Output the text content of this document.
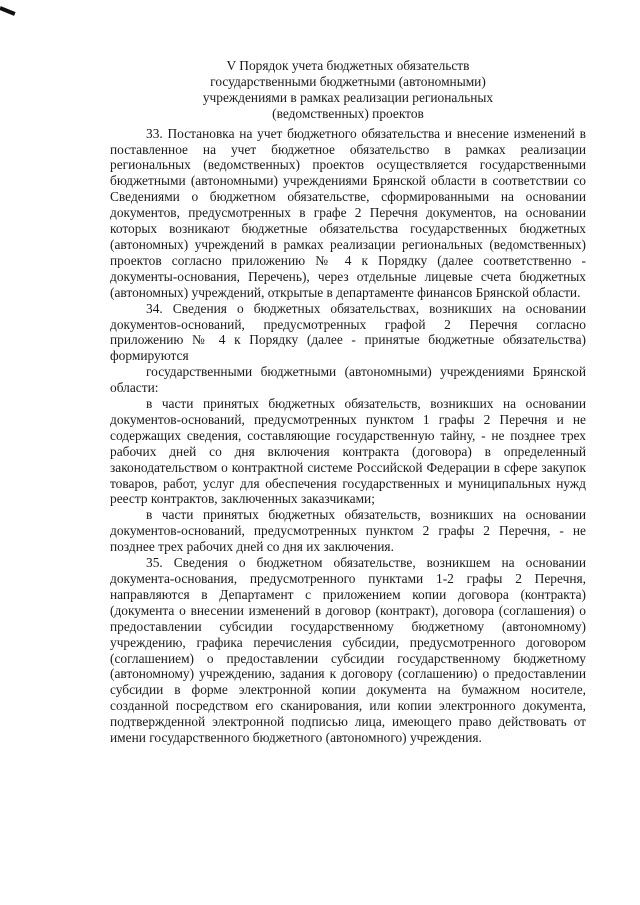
V Порядок учета бюджетных обязательств
государственными бюджетными (автономными)
учреждениями в рамках реализации региональных
(ведомственных) проектов

33. Постановка на учет бюджетного обязательства и внесение изменений в поставленное на учет бюджетное обязательство в рамках реализации региональных (ведомственных) проектов осуществляется государственными бюджетными (автономными) учреждениями Брянской области в соответствии со Сведениями о бюджетном обязательстве, сформированными на основании документов, предусмотренных в графе 2 Перечня документов, на основании которых возникают бюджетные обязательства государственных бюджетных (автономных) учреждений в рамках реализации региональных (ведомственных) проектов согласно приложению № 4 к Порядку (далее соответственно - документы-основания, Перечень), через отдельные лицевые счета бюджетных (автономных) учреждений, открытые в департаменте финансов Брянской области.

34. Сведения о бюджетных обязательствах, возникших на основании документов-оснований, предусмотренных графой 2 Перечня согласно приложению № 4 к Порядку (далее - принятые бюджетные обязательства) формируются

государственными бюджетными (автономными) учреждениями Брянской области:

в части принятых бюджетных обязательств, возникших на основании документов-оснований, предусмотренных пунктом 1 графы 2 Перечня и не содержащих сведения, составляющие государственную тайну, - не позднее трех рабочих дней со дня включения контракта (договора) в определенный законодательством о контрактной системе Российской Федерации в сфере закупок товаров, работ, услуг для обеспечения государственных и муниципальных нужд реестр контрактов, заключенных заказчиками;

в части принятых бюджетных обязательств, возникших на основании документов-оснований, предусмотренных пунктом 2 графы 2 Перечня, - не позднее трех рабочих дней со дня их заключения.

35. Сведения о бюджетном обязательстве, возникшем на основании документа-основания, предусмотренного пунктами 1-2 графы 2 Перечня, направляются в Департамент с приложением копии договора (контракта) (документа о внесении изменений в договор (контракт), договора (соглашения) о предоставлении субсидии государственному бюджетному (автономному) учреждению, графика перечисления субсидии, предусмотренного договором (соглашением) о предоставлении субсидии государственному бюджетному (автономному) учреждению, задания к договору (соглашению) о предоставлении субсидии в форме электронной копии документа на бумажном носителе, созданной посредством его сканирования, или копии электронного документа, подтвержденной электронной подписью лица, имеющего право действовать от имени государственного бюджетного (автономного) учреждения.
